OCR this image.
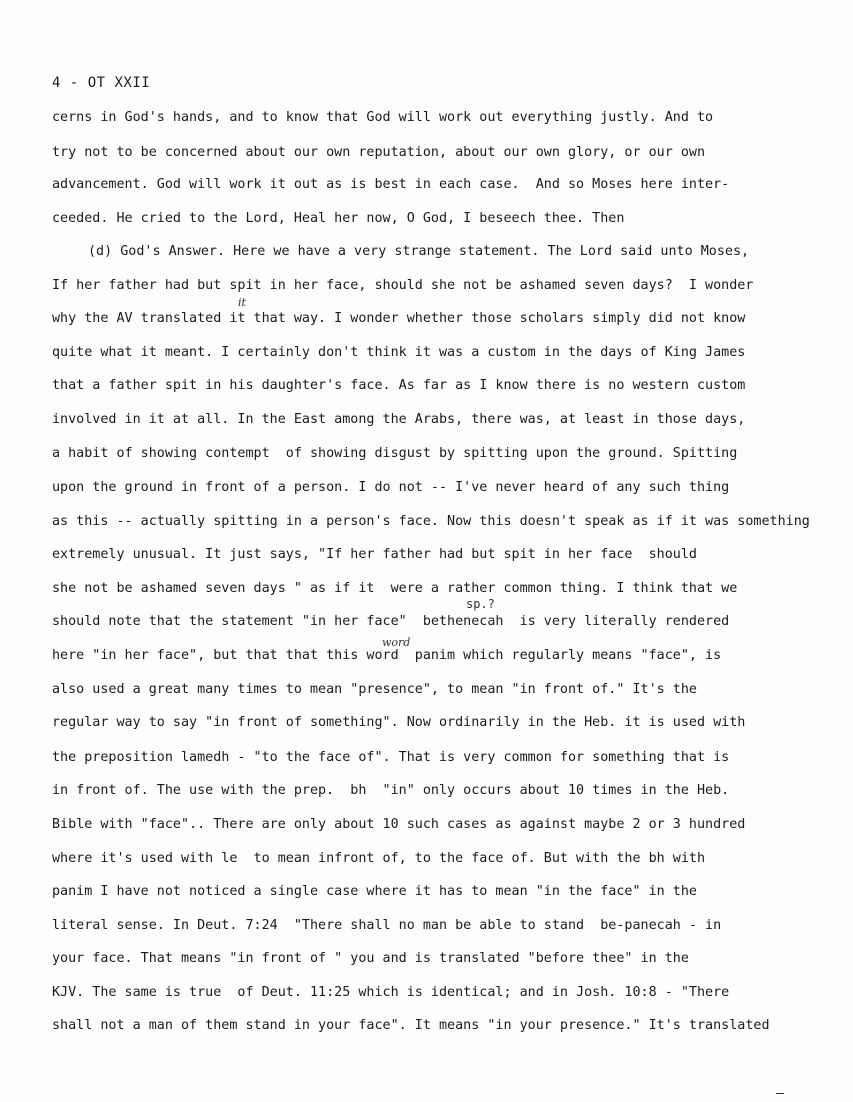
4 - OT XXII
cerns in God's hands, and to know that God will work out everything justly. And to
try not to be concerned about our own reputation, about our own glory, or our own
advancement. God will work it out as is best in each case.  And so Moses here inter-
ceeded. He cried to the Lord, Heal her now, O God, I beseech thee. Then
(d) God's Answer. Here we have a very strange statement. The Lord said unto Moses,
If her father had but spit in her face, should she not be ashamed seven days?  I wonder
why the AV translated it that way. I wonder whether those scholars simply did not know
quite what it meant. I certainly don't think it was a custom in the days of King James
that a father spit in his daughter's face. As far as I know there is no western custom
involved in it at all. In the East among the Arabs, there was, at least in those days,
a habit of showing contempt  of showing disgust by spitting upon the ground. Spitting
upon the ground in front of a person. I do not -- I've never heard of any such thing
as this -- actually spitting in a person's face. Now this doesn't speak as if it was something
extremely unusual. It just says, "If her father had but spit in her face  should
she not be ashamed seven days " as if it  were a rather common thing. I think that we
should note that the statement "in her face"  bethenecah  is very literally rendered
here "in her face", but that that this word  panim which regularly means "face", is
also used a great many times to mean "presence", to mean "in front of." It's the
regular way to say "in front of something". Now ordinarily in the Heb. it is used with
the preposition lamedh - "to the face of". That is very common for something that is
in front of. The use with the prep.  bh  "in" only occurs about 10 times in the Heb.
Bible with "face".. There are only about 10 such cases as against maybe 2 or 3 hundred
where it's used with le  to mean infront of, to the face of. But with the bh with
panim I have not noticed a single case where it has to mean "in the face" in the
literal sense. In Deut. 7:24  "There shall no man be able to stand  be-panecah - in
your face. That means "in front of " you and is translated "before thee" in the
KJV. The same is true  of Deut. 11:25 which is identical; and in Josh. 10:8 - "There
shall not a man of them stand in your face". It means "in your presence." It's translated
it
word
sp.?
